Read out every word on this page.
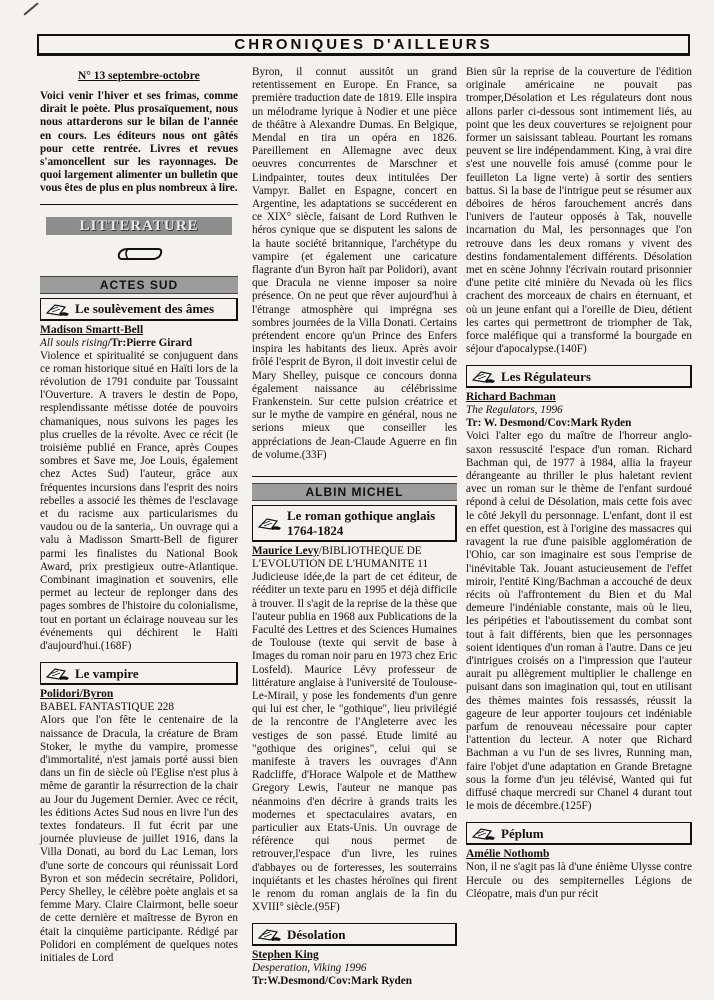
CHRONIQUES D'AILLEURS
N° 13 septembre-octobre

Voici venir l'hiver et ses frimas, comme dirait le poète. Plus prosaïquement, nous nous attarderons sur le bilan de l'année en cours. Les éditeurs nous ont gâtés pour cette rentrée. Livres et revues s'amoncellent sur les rayonnages. De quoi largement alimenter un bulletin que vous êtes de plus en plus nombreux à lire.

LITTERATURE
ACTES SUD
Le soulèvement des âmes

Madison Smartt-Bell

All souls rising/Tr:Pierre Girard

Violence et spiritualité se conjuguent dans ce roman historique situé en Haïti lors de la révolution de 1791 conduite par Toussaint l'Ouverture. A travers le destin de Popo, resplendissante métisse dotée de pouvoirs chamaniques, nous suivons les pages les plus cruelles de la révolte. Avec ce récit (le troisième publié en France, après Coupes sombres et Save me, Joe Louis, également chez Actes Sud) l'auteur, grâce aux fréquentes incursions dans l'esprit des noirs rebelles a associé les thèmes de l'esclavage et du racisme aux particularismes du vaudou ou de la santeria,. Un ouvrage qui a valu à Madisson Smartt-Bell de figurer parmi les finalistes du National Book Award, prix prestigieux outre-Atlantique. Combinant imagination et souvenirs, elle permet au lecteur de replonger dans des pages sombres de l'histoire du colonialisme, tout en portant un éclairage nouveau sur les événements qui déchirent le Haïti d'aujourd'hui.(168F)

Le vampire

Polidori/Byron

BABEL FANTASTIQUE 228

Alors que l'on fête le centenaire de la naissance de Dracula, la créature de Bram Stoker, le mythe du vampire, promesse d'immortalité, n'est jamais porté aussi bien dans un fin de siècle où l'Eglise n'est plus à même de garantir la résurrection de la chair au Jour du Jugement Dernier. Avec ce récit, les éditions Actes Sud nous en livre l'un des textes fondateurs. Il fut écrit par une journée pluvieuse de juillet 1916, dans la Villa Donati, au bord du Lac Leman, lors d'une sorte de concours qui réunissait Lord Byron et son médecin secrétaire, Polidori, Percy Shelley, le célèbre poète anglais et sa femme Mary. Claire Clairmont, belle soeur de cette dernière et maîtresse de Byron en était la cinquième participante. Rédigé par Polidori en complément de quelques notes initiales de Lord

Byron, il connut aussitôt un grand retentissement en Europe. En France, sa première traduction date de 1819. Elle inspira un mélodrame lyrique à Nodier et une pièce de théâtre à Alexandre Dumas. En Belgique, Mendal en tira un opéra en 1826. Pareillement en Allemagne avec deux oeuvres concurrentes de Marschner et Lindpainter, toutes deux intitulées Der Vampyr. Ballet en Espagne, concert en Argentine, les adaptations se succéderent en ce XIX° siècle, faisant de Lord Ruthven le héros cynique que se disputent les salons de la haute société britannique, l'archétype du vampire (et également une caricature flagrante d'un Byron haït par Polidori), avant que Dracula ne vienne imposer sa noire présence. On ne peut que rêver aujourd'hui à l'étrange atmosphère qui imprégna ses sombres journées de la Villa Donati. Certains prétendent encore qu'un Prince des Enfers inspira les habitants des lieux. Après avoir frôlé l'esprit de Byron, il doit investir celui de Mary Shelley, puisque ce concours donna également naissance au célébrissime Frankenstein. Sur cette pulsion créatrice et sur le mythe de vampire en général, nous ne serions mieux que conseiller les appréciations de Jean-Claude Aguerre en fin de volume.(33F)

ALBIN MICHEL
Le roman gothique anglais 1764-1824

Maurice Levy/BIBLIOTHEQUE DE L'EVOLUTION DE L'HUMANITE 11

Judicieuse idée,de la part de cet éditeur, de rééditer un texte paru en 1995 et déjà difficile à trouver. Il s'agit de la reprise de la thèse que l'auteur publia en 1968 aux Publications de la Faculté des Lettres et des Sciences Humaines de Toulouse (texte qui servit de base à Images du roman noir paru en 1973 chez Eric Losfeld). Maurice Lévy professeur de littérature anglaise à l'université de Toulouse-Le-Mirail, y pose les fondements d'un genre qui lui est cher, le "gothique", lieu privilégié de la rencontre de l'Angleterre avec les vestiges de son passé. Etude limité au "gothique des origines", celui qui se manifeste à travers les ouvrages d'Ann Radcliffe, d'Horace Walpole et de Matthew Gregory Lewis, l'auteur ne manque pas néanmoins d'en décrire à grands traits les modernes et spectaculaires avatars, en particulier aux Etats-Unis. Un ouvrage de référence qui nous permet de retrouver,l'espace d'un livre, les ruines d'abbayes ou de forteresses, les souterrains inquiétants et les chastes héroïnes qui firent le renom du roman anglais de la fin du XVIII° siècle.(95F)

Désolation

Stephen King

Desperation, Viking 1996

Tr:W.Desmond/Cov:Mark Ryden

Bien sûr la reprise de la couverture de l'édition originale américaine ne pouvait pas tromper,Désolation et Les régulateurs dont nous allons parler ci-dessous sont intimement liés, au point que les deux couvertures se rejoignent pour former un saisissant tableau. Pourtant les romans peuvent se lire indépendamment. King, à vrai dire s'est une nouvelle fois amusé (comme pour le feuilleton La ligne verte) à sortir des sentiers battus. Si la base de l'intrigue peut se résumer aux déboires de héros farouchement ancrés dans l'univers de l'auteur opposés à Tak, nouvelle incarnation du Mal, les personnages que l'on retrouve dans les deux romans y vivent des destins fondamentalement différents. Désolation met en scène Johnny l'écrivain routard prisonnier d'une petite cité minière du Nevada où les flics crachent des morceaux de chairs en éternuant, et où un jeune enfant qui a l'oreille de Dieu, détient les cartes qui permettront de triompher de Tak, force maléfique qui a transformé la bourgade en séjour d'apocalypse.(140F)

Les Régulateurs

Richard Bachman

The Regulators, 1996

Tr: W. Desmond/Cov:Mark Ryden

Voici l'alter ego du maître de l'horreur anglo-saxon ressuscité l'espace d'un roman. Richard Bachman qui, de 1977 à 1984, allia la frayeur dérangeante au thriller le plus haletant revient avec un roman sur le thème de l'enfant surdoué répond à celui de Désolation, mais cette fois avec le côté Jekyll du personnage. L'enfant, dont il est en effet question, est à l'origine des massacres qui ravagent la rue d'une paisible agglomération de l'Ohio, car son imaginaire est sous l'emprise de l'inévitable Tak. Jouant astucieusement de l'effet miroir, l'entité King/Bachman a accouché de deux récits où l'affrontement du Bien et du Mal demeure l'indéniable constante, mais où le lieu, les péripéties et l'aboutissement du combat sont tout à fait différents, bien que les personnages soient identiques d'un roman à l'autre. Dans ce jeu d'intrigues croisés on a l'impression que l'auteur aurait pu allègrement multiplier le challenge en puisant dans son imagination qui, tout en utilisant des thèmes maintes fois ressassés, réussit la gageure de leur apporter toujours cet indéniable parfum de renouveau nécessaire pour capter l'attention du lecteur. A noter que Richard Bachman a vu l'un de ses livres, Running man, faire l'objet d'une adaptation en Grande Bretagne sous la forme d'un jeu télévisé, Wanted qui fut diffusé chaque mercredi sur Chanel 4 durant tout le mois de décembre.(125F)

Péplum

Amélie Nothomb

Non, il ne s'agit pas là d'une énième Ulysse contre Hercule ou des sempiternelles Légions de Cléopatre, mais d'un pur récit
